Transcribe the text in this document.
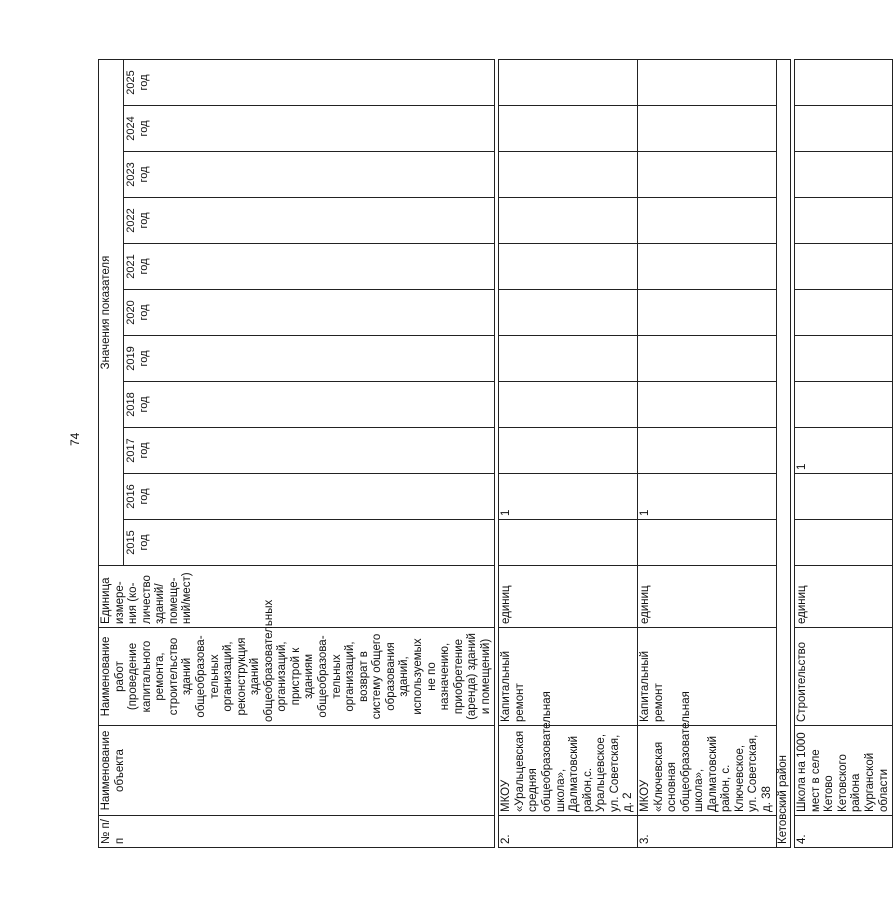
74
№ п/п	Наименование объекта	Наименование работ (проведение капитального ремонта, строительство зданий общеобразова-тельных организаций, реконструкция зданий общеобразовательных организаций, пристрой к зданиям общеобразова-тельных организаций, возврат в систему общего образования зданий, используемых не по назначению, приобретение (аренда) зданий и помещений)	Единица измере-ния (ко-личество зданий/ помеще-ний/мест)	Значения показателя										
				2015 год	2016 год	2017 год	2018 год	2019 год	2020 год	2021 год	2022 год	2023 год	2024 год	2025 год

2.	МКОУ «Уральцевская средняя общеобразовательная школа», Далматовский район,с. Уральцевское, ул. Советская, д. 2	Капитальный ремонт	единиц		1									
3.	МКОУ «Ключевская основная общеобразовательная школа», Далматовский район, с. Ключевское, ул. Советская, д. 38	Капитальный ремонт	единиц		1									
Кетовский район														

4.	Школа на 1000 мест в селе Кетово Кетовского района Курганской области	Строительство	единиц			1								
